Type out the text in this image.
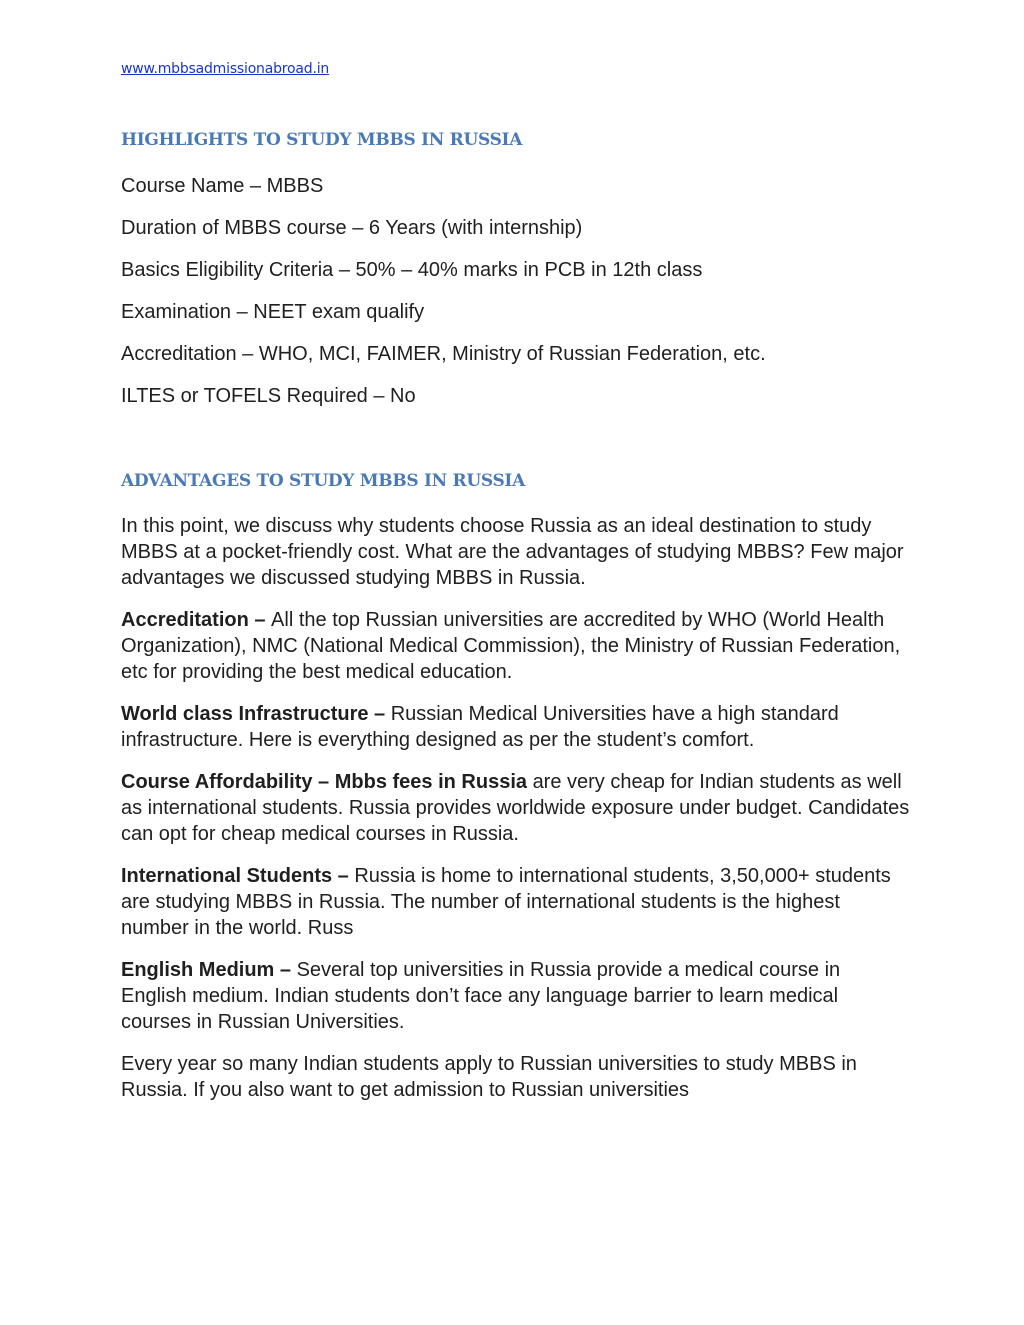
www.mbbsadmissionabroad.in
HIGHLIGHTS TO STUDY MBBS IN RUSSIA
Course Name – MBBS
Duration of MBBS course – 6 Years (with internship)
Basics Eligibility Criteria – 50% – 40% marks in PCB in 12th class
Examination – NEET exam qualify
Accreditation – WHO, MCI, FAIMER, Ministry of Russian Federation, etc.
ILTES or TOFELS Required – No
ADVANTAGES TO STUDY MBBS IN RUSSIA

In this point, we discuss why students choose Russia as an ideal destination to study MBBS at a pocket-friendly cost. What are the advantages of studying MBBS? Few major advantages we discussed studying MBBS in Russia.

Accreditation – All the top Russian universities are accredited by WHO (World Health Organization), NMC (National Medical Commission), the Ministry of Russian Federation, etc for providing the best medical education.

World class Infrastructure – Russian Medical Universities have a high standard infrastructure. Here is everything designed as per the student’s comfort.

Course Affordability – Mbbs fees in Russia are very cheap for Indian students as well as international students. Russia provides worldwide exposure under budget. Candidates can opt for cheap medical courses in Russia.

International Students – Russia is home to international students, 3,50,000+ students are studying MBBS in Russia. The number of international students is the highest number in the world. Russ

English Medium – Several top universities in Russia provide a medical course in English medium. Indian students don’t face any language barrier to learn medical courses in Russian Universities.

Every year so many Indian students apply to Russian universities to study MBBS in Russia. If you also want to get admission to Russian universities
